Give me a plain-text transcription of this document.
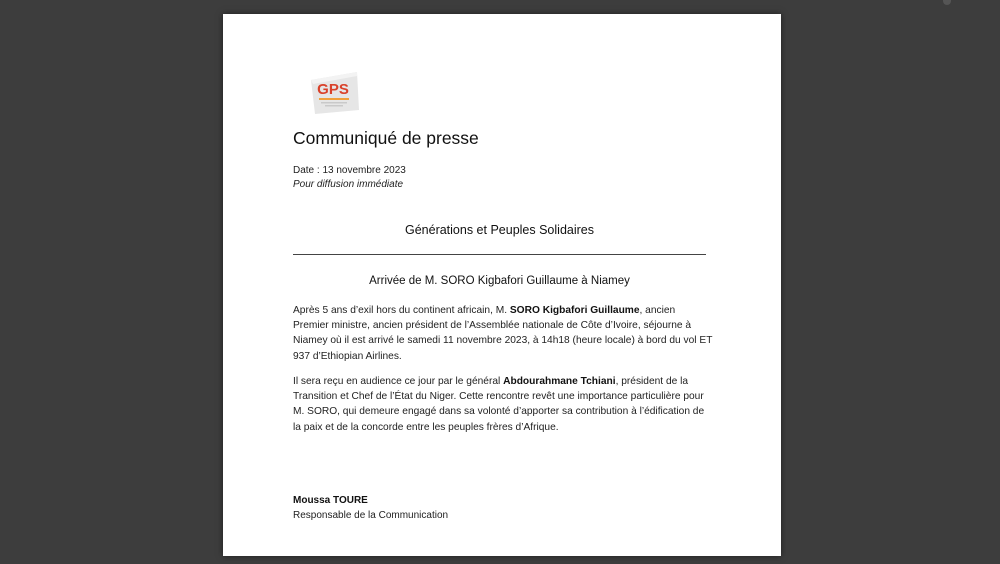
GPS
Communiqué de presse
Date : 13 novembre 2023
Pour diffusion immédiate
Générations et Peuples Solidaires
Arrivée de M. SORO Kigbafori Guillaume à Niamey

Après 5 ans d’exil hors du continent africain, M. SORO Kigbafori Guillaume, ancien Premier ministre, ancien président de l’Assemblée nationale de Côte d’Ivoire, séjourne à Niamey où il est arrivé le samedi 11 novembre 2023, à 14h18 (heure locale) à bord du vol ET 937 d’Ethiopian Airlines.

Il sera reçu en audience ce jour par le général Abdourahmane Tchiani, président de la Transition et Chef de l’État du Niger. Cette rencontre revêt une importance particulière pour M. SORO, qui demeure engagé dans sa volonté d’apporter sa contribution à l’édification de la paix et de la concorde entre les peuples frères d’Afrique.

Moussa TOURE
Responsable de la Communication
